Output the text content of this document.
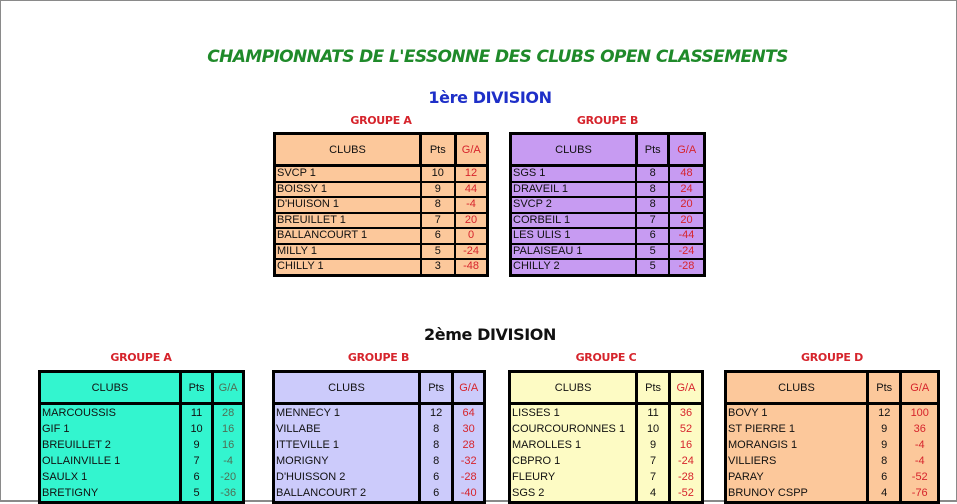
CHAMPIONNATS DE L'ESSONNE DES CLUBS OPEN CLASSEMENTS
1ère DIVISION
GROUPE A
CLUBS	Pts	G/A
SVCP 1	10	12
BOISSY 1	9	44
D'HUISON 1	8	-4
BREUILLET 1	7	20
BALLANCOURT 1	6	0
MILLY 1	5	-24
CHILLY 1	3	-48
GROUPE B
CLUBS	Pts	G/A
SGS 1	8	48
DRAVEIL 1	8	24
SVCP 2	8	20
CORBEIL 1	7	20
LES ULIS 1	6	-44
PALAISEAU 1	5	-24
CHILLY 2	5	-28
2ème DIVISION
GROUPE A
CLUBS	Pts	G/A
MARCOUSSIS	11	28
GIF 1	10	16
BREUILLET 2	9	16
OLLAINVILLE 1	7	-4
SAULX 1	6	-20
BRETIGNY	5	-36
GROUPE B
CLUBS	Pts	G/A
MENNECY 1	12	64
VILLABE	8	30
ITTEVILLE 1	8	28
MORIGNY	8	-32
D'HUISSON 2	6	-28
BALLANCOURT 2	6	-40
GROUPE C
CLUBS	Pts	G/A
LISSES 1	11	36
COURCOURONNES 1	10	52
MAROLLES 1	9	16
CBPRO 1	7	-24
FLEURY	7	-28
SGS 2	4	-52
GROUPE D
CLUBS	Pts	G/A
BOVY 1	12	100
ST PIERRE 1	9	36
MORANGIS 1	9	-4
VILLIERS	8	-4
PARAY	6	-52
BRUNOY CSPP	4	-76
